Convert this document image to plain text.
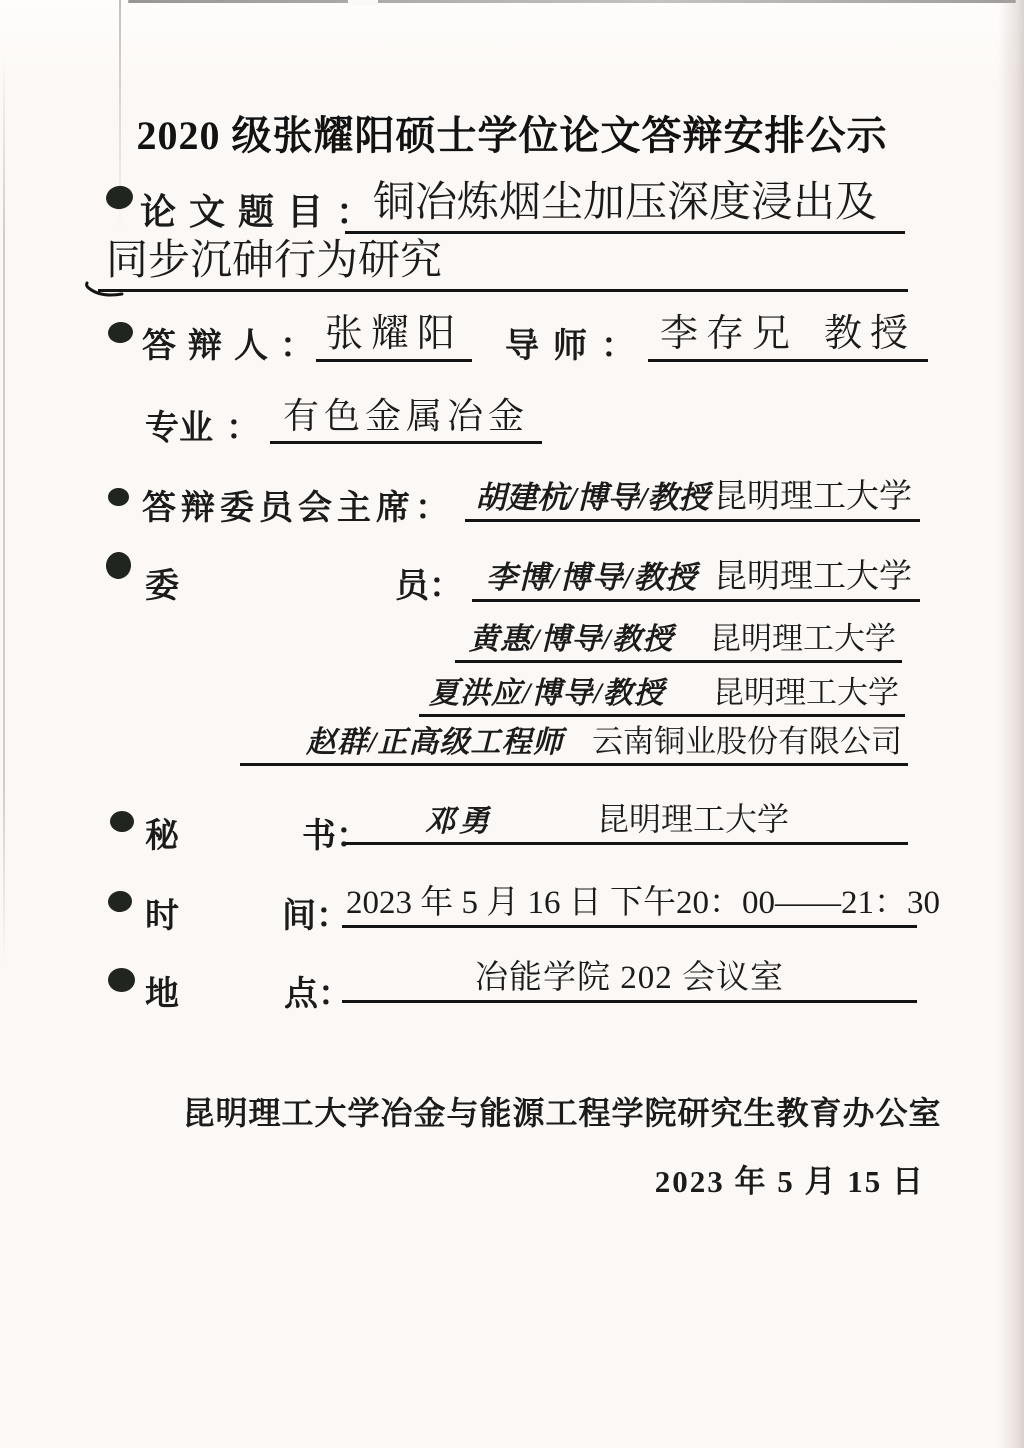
2020 级张耀阳硕士学位论文答辩安排公示
论文题目：
铜冶炼烟尘加压深度浸出及
同步沉砷行为研究
答辩人：
张耀阳 导师： 李存兄 教授
专业 ： 有色金属冶金
答辩委员会主席： 胡建杭/博导/教授 昆明理工大学
委	员： 李博/博导/教授 昆明理工大学
黄惠/博导/教授 昆明理工大学
夏洪应/博导/教授 昆明理工大学
赵群/正高级工程师 云南铜业股份有限公司
秘	书： 邓勇	昆明理工大学
时	间：
2023 年 5 月 16 日 下午20：00——21：30
地	点：	冶能学院 202 会议室
昆明理工大学冶金与能源工程学院研究生教育办公室
2023 年 5 月 15 日
